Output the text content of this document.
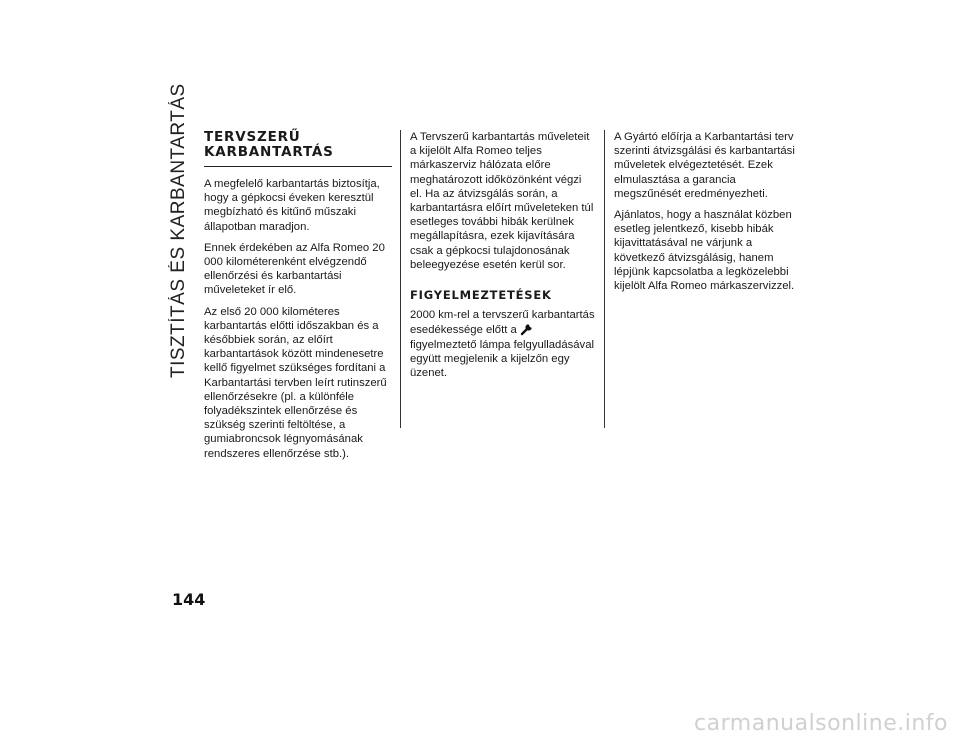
TISZTÍTÁS ÉS KARBANTARTÁS	TERVSZERŰ
KARBANTARTÁS

A megfelelő karbantartás biztosítja, hogy a gépkocsi éveken keresztül megbízható és kitűnő műszaki állapotban maradjon.

Ennek érdekében az Alfa Romeo 20 000 kilométerenként elvégzendő ellenőrzési és karbantartási műveleteket ír elő.

Az első 20 000 kilométeres karbantartás előtti időszakban és a későbbiek során, az előírt karbantartások között mindenesetre kellő figyelmet szükséges fordítani a Karbantartási tervben leírt rutinszerű ellenőrzésekre (pl. a különféle folyadékszintek ellenőrzése és szükség szerinti feltöltése, a gumiabroncsok légnyomásának rendszeres ellenőrzése stb.).

A Tervszerű karbantartás műveleteit a kijelölt Alfa Romeo teljes márkaszerviz hálózata előre meghatározott időközönként végzi el. Ha az átvizsgálás során, a karbantartásra előírt műveleteken túl esetleges további hibák kerülnek megállapításra, ezek kijavítására csak a gépkocsi tulajdonosának beleegyezése esetén kerül sor.

FIGYELMEZTETÉSEK

2000 km-rel a tervszerű karbantartás esedékessége előtt a  figyelmeztető lámpa felgyulladásával együtt megjelenik a kijelzőn egy üzenet.

A Gyártó előírja a Karbantartási terv szerinti átvizsgálási és karbantartási műveletek elvégeztetését. Ezek elmulasztása a garancia megszűnését eredményezheti.

Ajánlatos, hogy a használat közben esetleg jelentkező, kisebb hibák kijavittatásával ne várjunk a következő átvizsgálásig, hanem lépjünk kapcsolatba a legközelebbi kijelölt Alfa Romeo márkaszervizzel.

144
carmanualsonline.info
